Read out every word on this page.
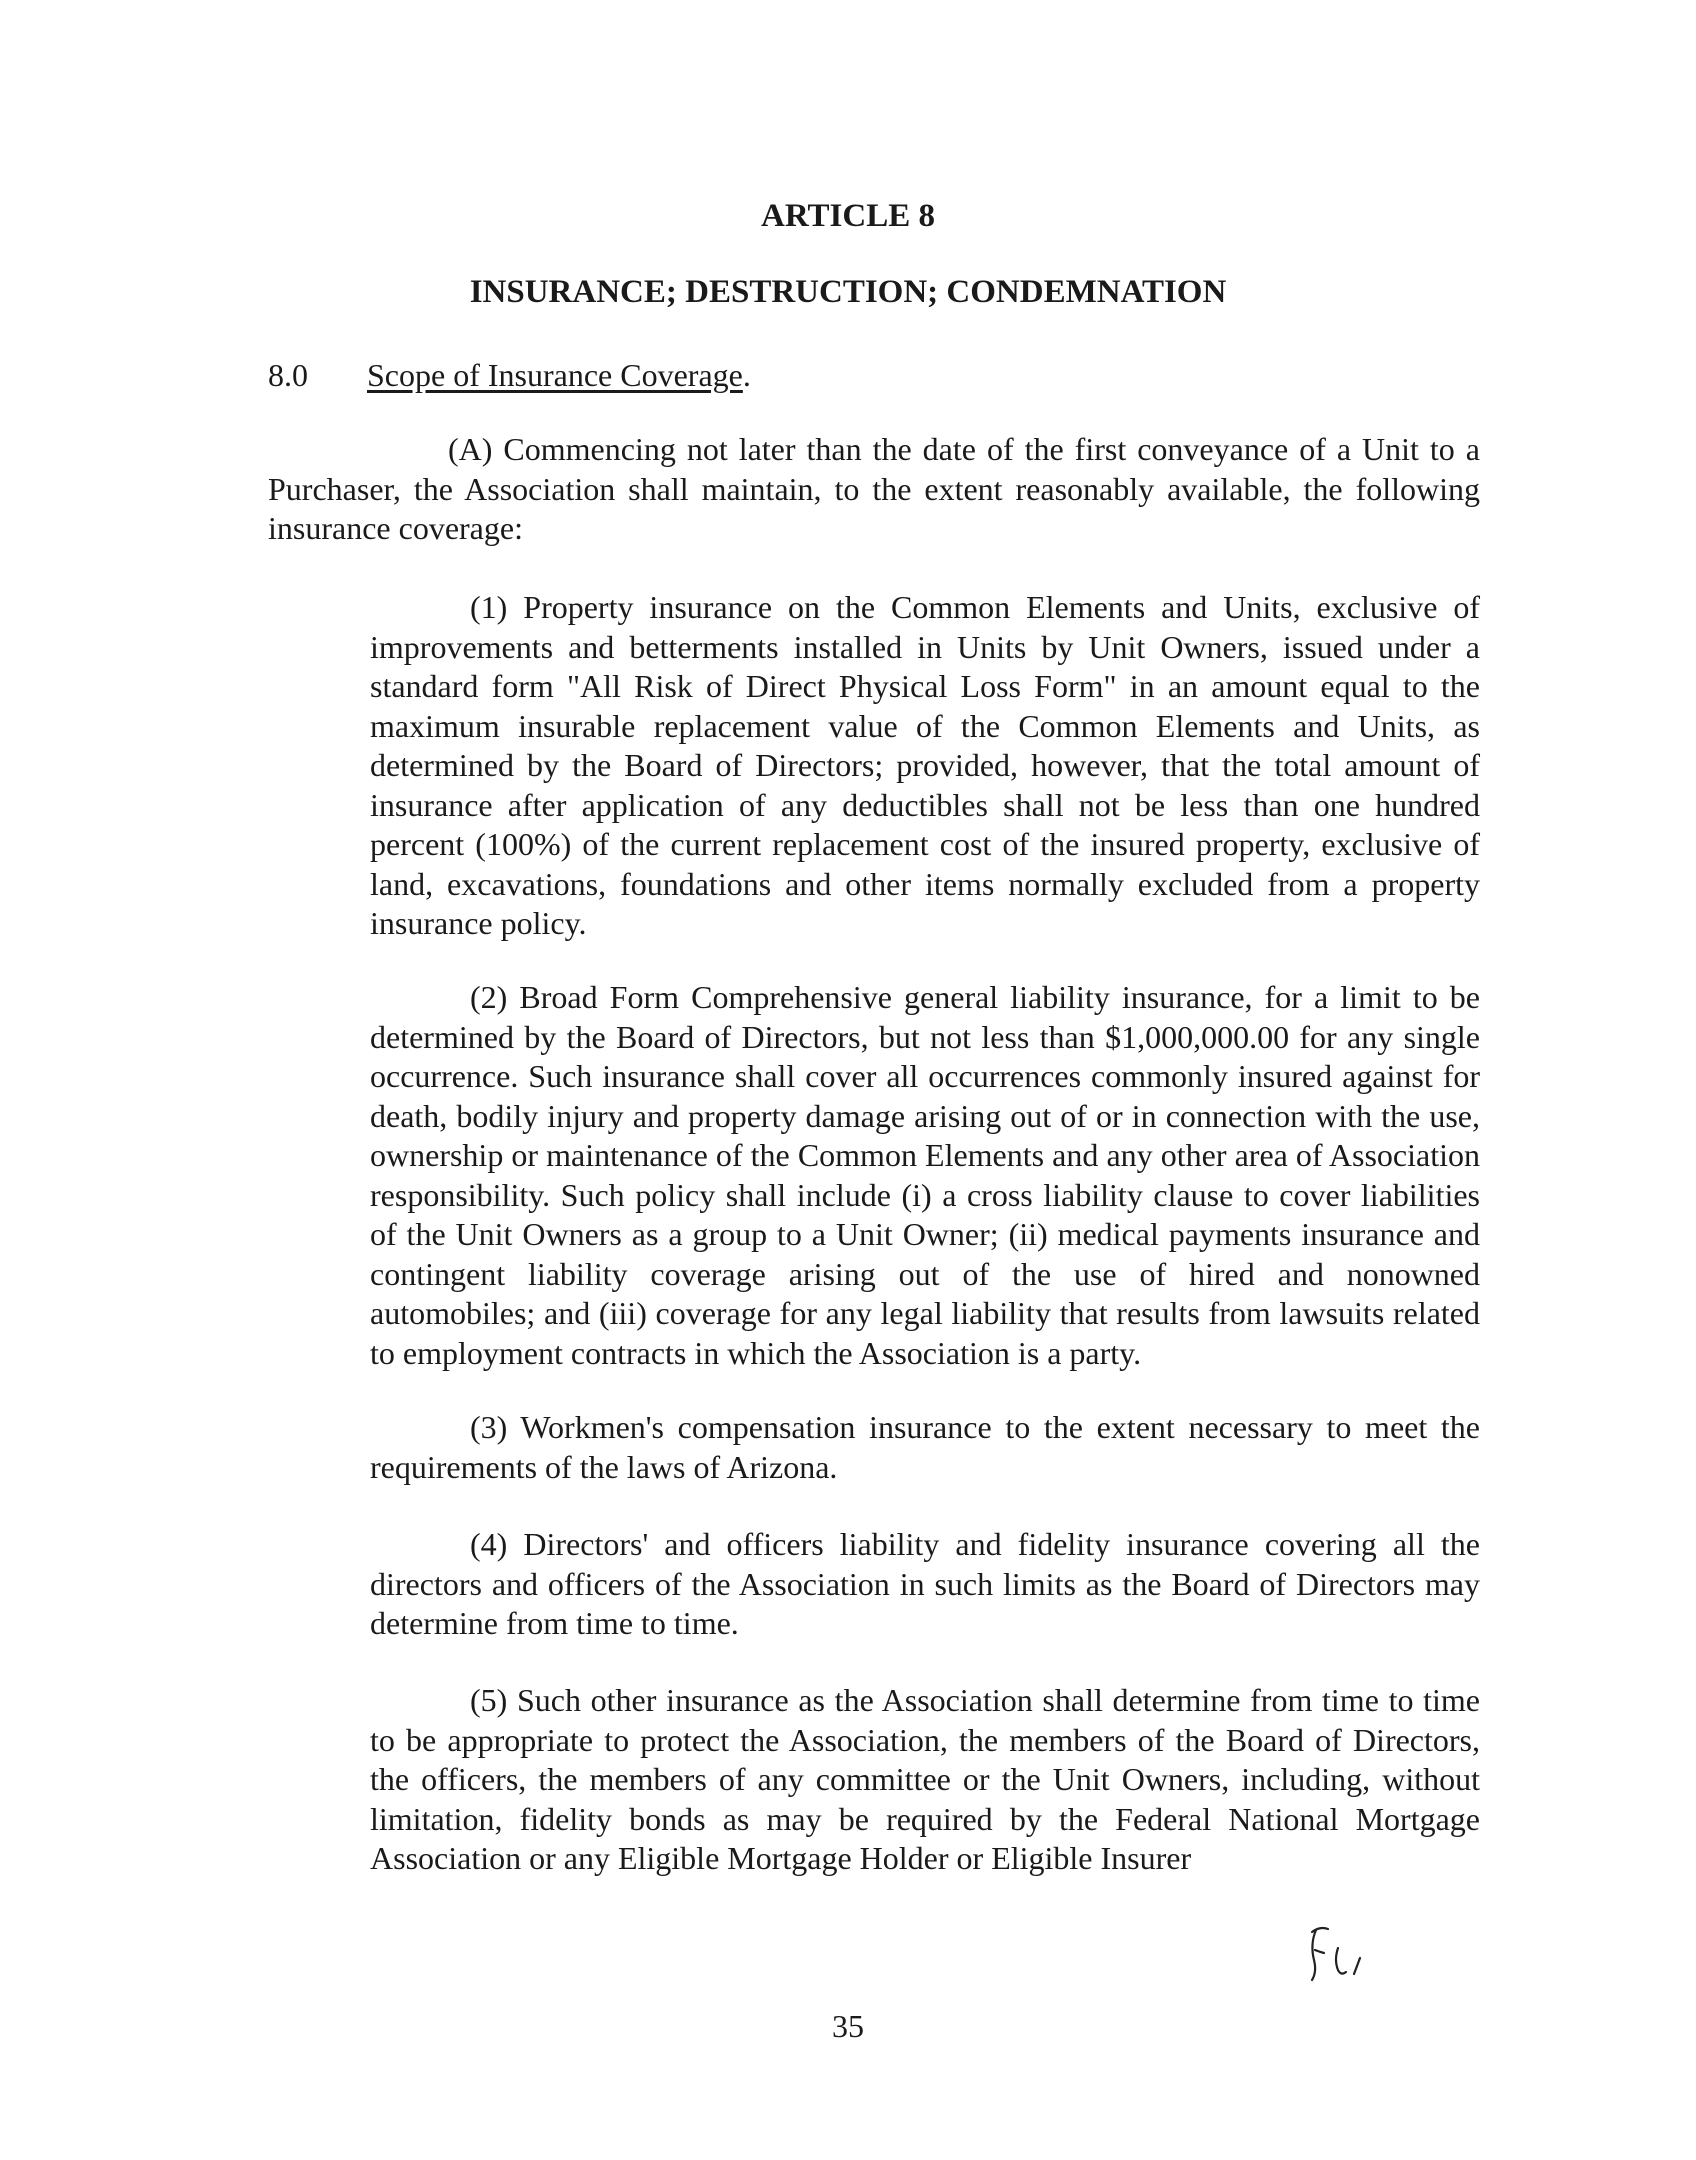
ARTICLE 8
INSURANCE; DESTRUCTION; CONDEMNATION
8.0 Scope of Insurance Coverage.

(A) Commencing not later than the date of the first conveyance of a Unit to a Purchaser, the Association shall maintain, to the extent reasonably available, the following insurance coverage:

(1) Property insurance on the Common Elements and Units, exclusive of improvements and betterments installed in Units by Unit Owners, issued under a standard form "All Risk of Direct Physical Loss Form" in an amount equal to the maximum insurable replacement value of the Common Elements and Units, as determined by the Board of Directors; provided, however, that the total amount of insurance after application of any deductibles shall not be less than one hundred percent (100%) of the current replacement cost of the insured property, exclusive of land, excavations, foundations and other items normally excluded from a property insurance policy.

(2) Broad Form Comprehensive general liability insurance, for a limit to be determined by the Board of Directors, but not less than $1,000,000.00 for any single occurrence. Such insurance shall cover all occurrences commonly insured against for death, bodily injury and property damage arising out of or in connection with the use, ownership or maintenance of the Common Elements and any other area of Association responsibility. Such policy shall include (i) a cross liability clause to cover liabilities of the Unit Owners as a group to a Unit Owner; (ii) medical payments insurance and contingent liability coverage arising out of the use of hired and nonowned automobiles; and (iii) coverage for any legal liability that results from lawsuits related to employment contracts in which the Association is a party.

(3) Workmen's compensation insurance to the extent necessary to meet the requirements of the laws of Arizona.

(4) Directors' and officers liability and fidelity insurance covering all the directors and officers of the Association in such limits as the Board of Directors may determine from time to time.

(5) Such other insurance as the Association shall determine from time to time to be appropriate to protect the Association, the members of the Board of Directors, the officers, the members of any committee or the Unit Owners, including, without limitation, fidelity bonds as may be required by the Federal National Mortgage Association or any Eligible Mortgage Holder or Eligible Insurer

35
